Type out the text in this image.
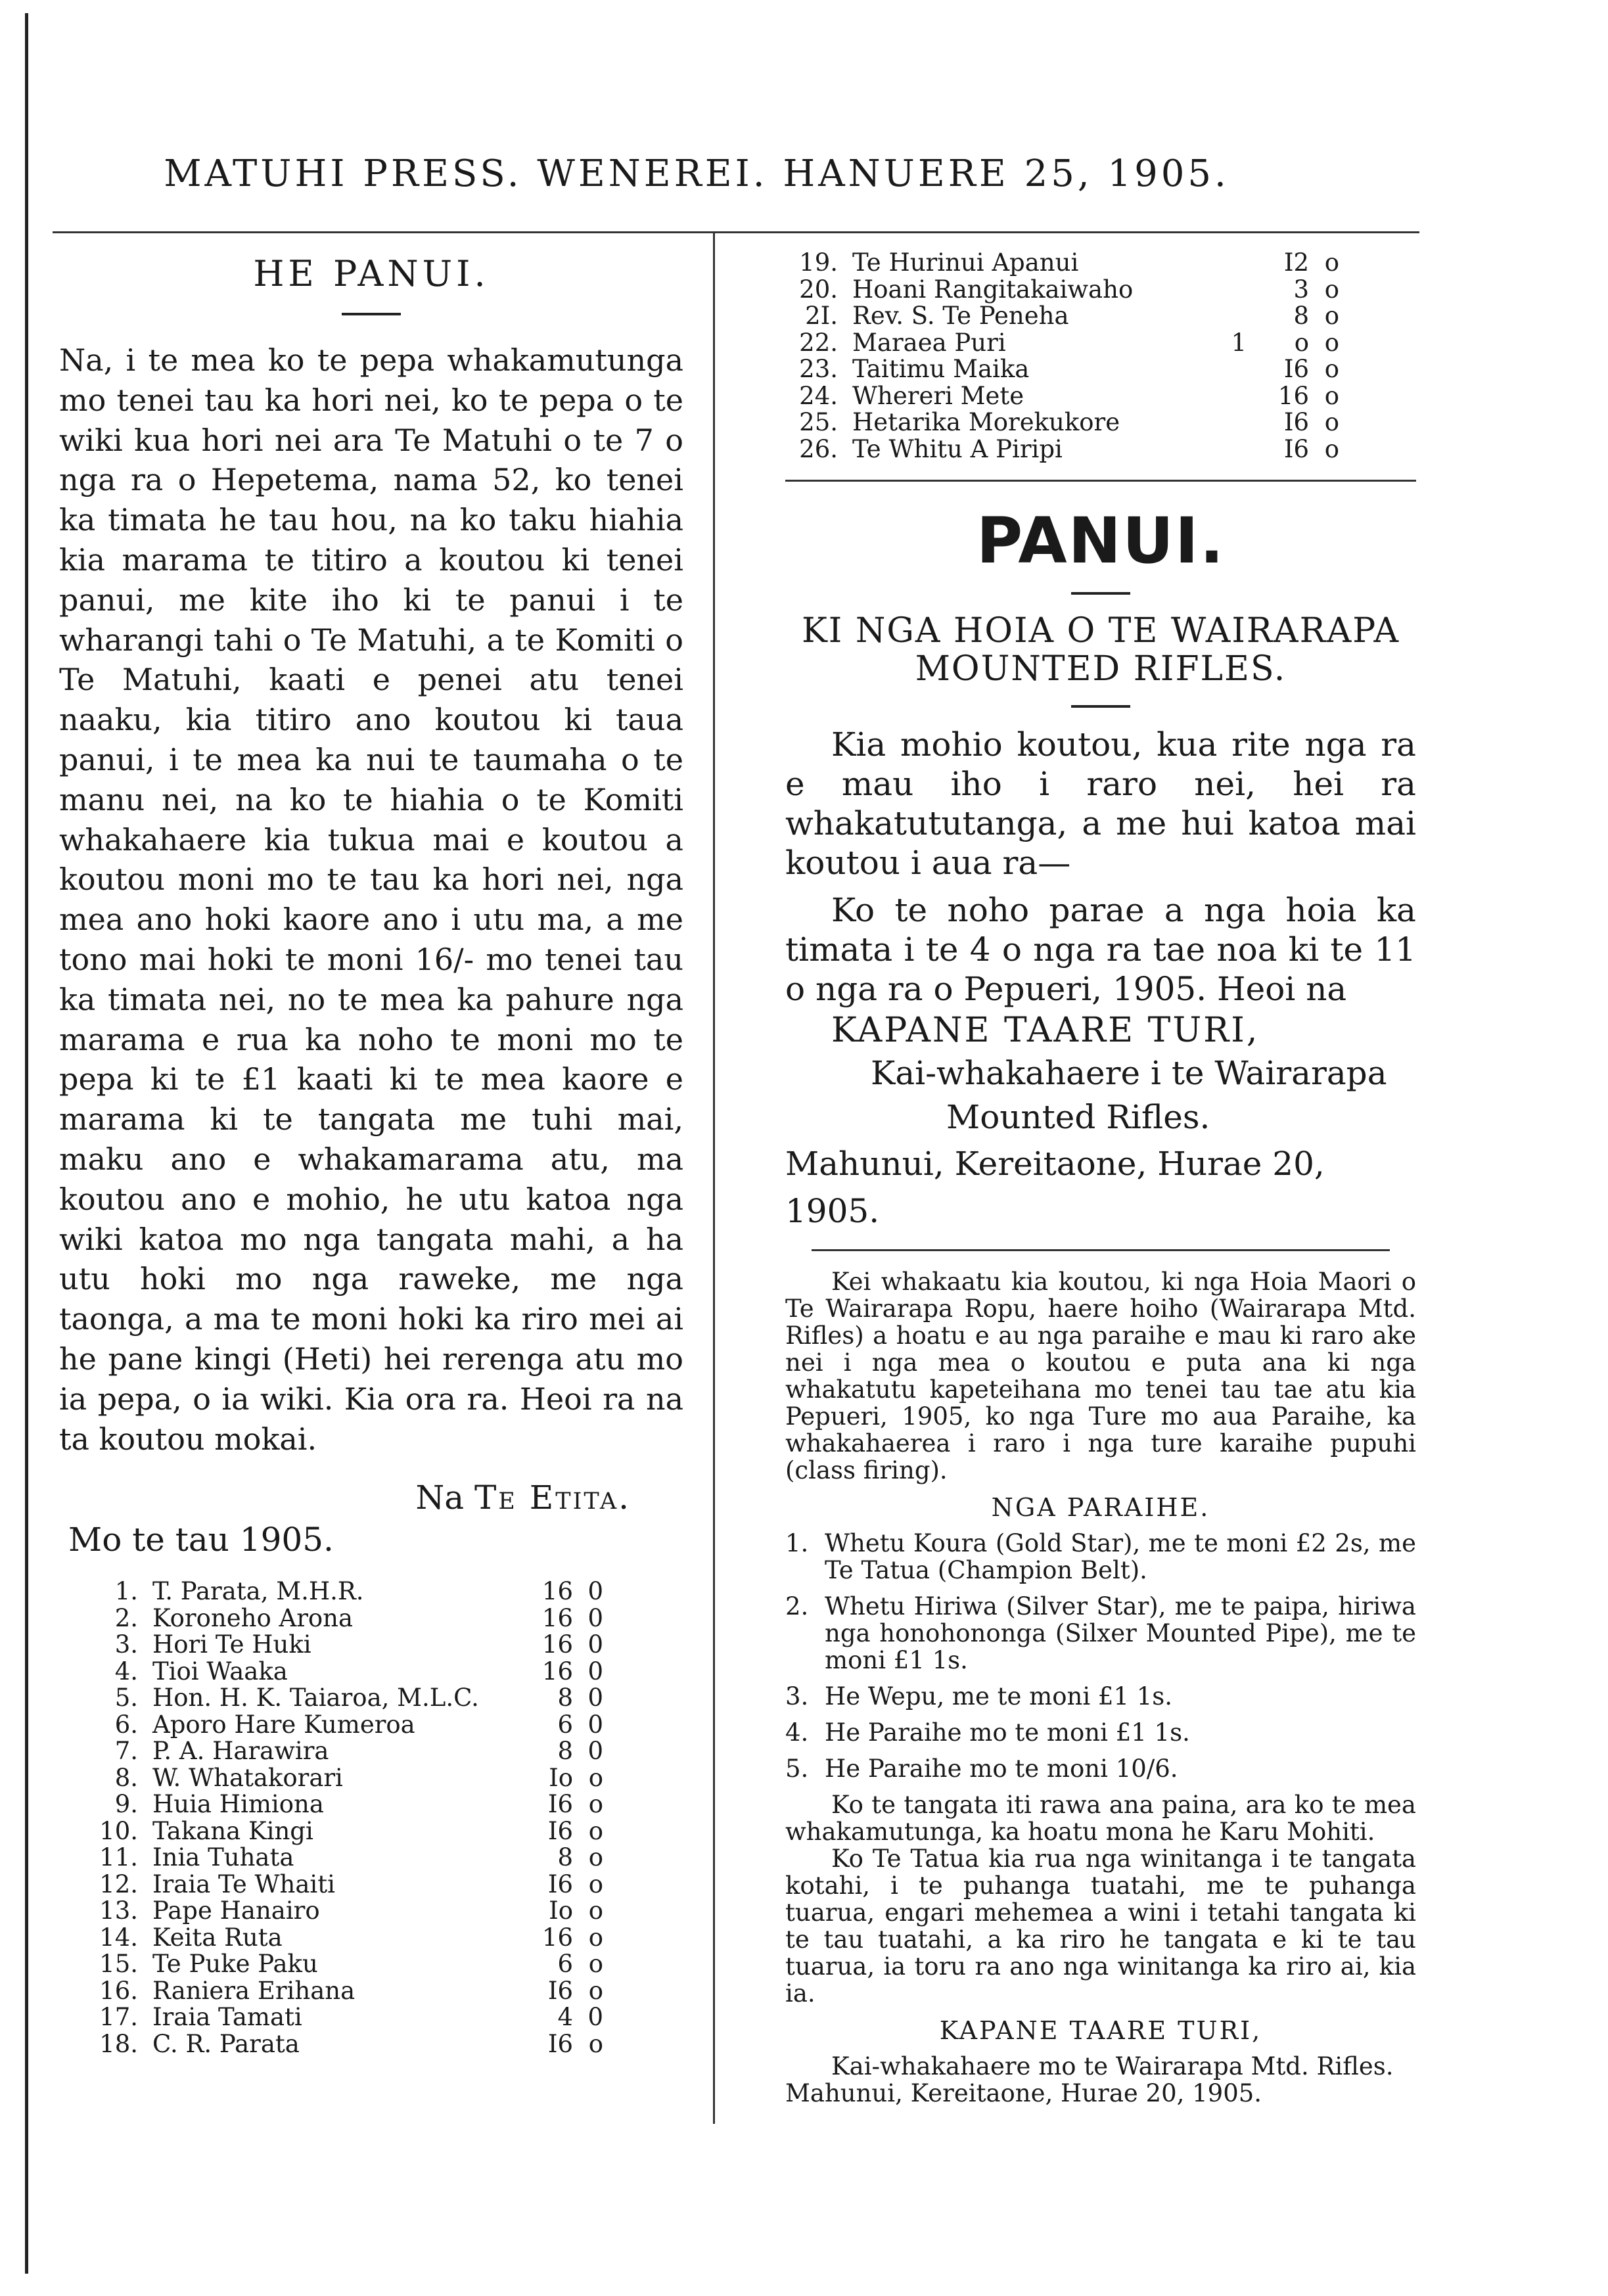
MATUHI PRESS. WENEREI. HANUERE 25, 1905.
HE PANUI.

Na, i te mea ko te pepa whakamutunga mo tenei tau ka hori nei, ko te pepa o te wiki kua hori nei ara Te Matuhi o te 7 o nga ra o Hepetema, nama 52, ko tenei ka timata he tau hou, na ko taku hiahia kia marama te titiro a koutou ki tenei panui, me kite iho ki te panui i te wharangi tahi o Te Matuhi, a te Komiti o Te Matuhi, kaati e penei atu tenei naaku, kia titiro ano koutou ki taua panui, i te mea ka nui te taumaha o te manu nei, na ko te hiahia o te Komiti whakahaere kia tukua mai e koutou a koutou moni mo te tau ka hori nei, nga mea ano hoki kaore ano i utu ma, a me tono mai hoki te moni 16/- mo tenei tau ka timata nei, no te mea ka pahure nga marama e rua ka noho te moni mo te pepa ki te £1 kaati ki te mea kaore e marama ki te tangata me tuhi mai, maku ano e whakamarama atu, ma koutou ano e mohio, he utu katoa nga wiki katoa mo nga tangata mahi, a ha utu hoki mo nga raweke, me nga taonga, a ma te moni hoki ka riro mei ai he pane kingi (Heti) hei rerenga atu mo ia pepa, o ia wiki. Kia ora ra. Heoi ra na ta koutou mokai.

Na Te Etita.
Mo te tau 1905.
1.	T. Parata, M.H.R.	16	0
2.	Koroneho Arona	16	0
3.	Hori Te Huki	16	0
4.	Tioi Waaka	16	0
5.	Hon. H. K. Taiaroa, M.L.C.	8	0
6.	Aporo Hare Kumeroa	6	0
7.	P. A. Harawira	8	0
8.	W. Whatakorari	Io	o
9.	Huia Himiona	I6	o
10.	Takana Kingi	I6	o
11.	Inia Tuhata	8	o
12.	Iraia Te Whaiti	I6	o
13.	Pape Hanairo	Io	o
14.	Keita Ruta	16	o
15.	Te Puke Paku	6	o
16.	Raniera Erihana	I6	o
17.	Iraia Tamati	4	0
18.	C. R. Parata	I6	o
19.	Te Hurinui Apanui		I2	o
20.	Hoani Rangitakaiwaho		3	o
2I.	Rev. S. Te Peneha		8	o
22.	Maraea Puri	1	o	o
23.	Taitimu Maika		I6	o
24.	Whereri Mete		16	o
25.	Hetarika Morekukore		I6	o
26.	Te Whitu A Piripi		I6	o
PANUI.
KI NGA HOIA O TE WAIRARAPA
MOUNTED RIFLES.

Kia mohio koutou, kua rite nga ra e mau iho i raro nei, hei ra whakatututanga, a me hui katoa mai koutou i aua ra—

Ko te noho parae a nga hoia ka timata i te 4 o nga ra tae noa ki te 11 o nga ra o Pepueri, 1905. Heoi na

KAPANE TAARE TURI,
Kai-whakahaere i te Wairarapa
Mounted Rifles.
Mahunui, Kereitaone, Hurae 20, 1905.

Kei whakaatu kia koutou, ki nga Hoia Maori o Te Wairarapa Ropu, haere hoiho (Wairarapa Mtd. Rifles) a hoatu e au nga paraihe e mau ki raro ake nei i nga mea o koutou e puta ana ki nga whakatutu kapeteihana mo tenei tau tae atu kia Pepueri, 1905, ko nga Ture mo aua Paraihe, ka whakahaerea i raro i nga ture karaihe pupuhi (class firing).

NGA PARAIHE.
1. Whetu Koura (Gold Star), me te moni £2 2s, me Te Tatua (Champion Belt).
2. Whetu Hiriwa (Silver Star), me te paipa, hiriwa nga honohononga (Silxer Mounted Pipe), me te moni £1 1s.
3. He Wepu, me te moni £1 1s.
4. He Paraihe mo te moni £1 1s.
5. He Paraihe mo te moni 10/6.

Ko te tangata iti rawa ana paina, ara ko te mea whakamutunga, ka hoatu mona he Karu Mohiti.

Ko Te Tatua kia rua nga winitanga i te tangata kotahi, i te puhanga tuatahi, me te puhanga tuarua, engari mehemea a wini i tetahi tangata ki te tau tuatahi, a ka riro he tangata e ki te tau tuarua, ia toru ra ano nga winitanga ka riro ai, kia ia.

KAPANE TAARE TURI,

Kai-whakahaere mo te Wairarapa Mtd. Rifles.

Mahunui, Kereitaone, Hurae 20, 1905.
